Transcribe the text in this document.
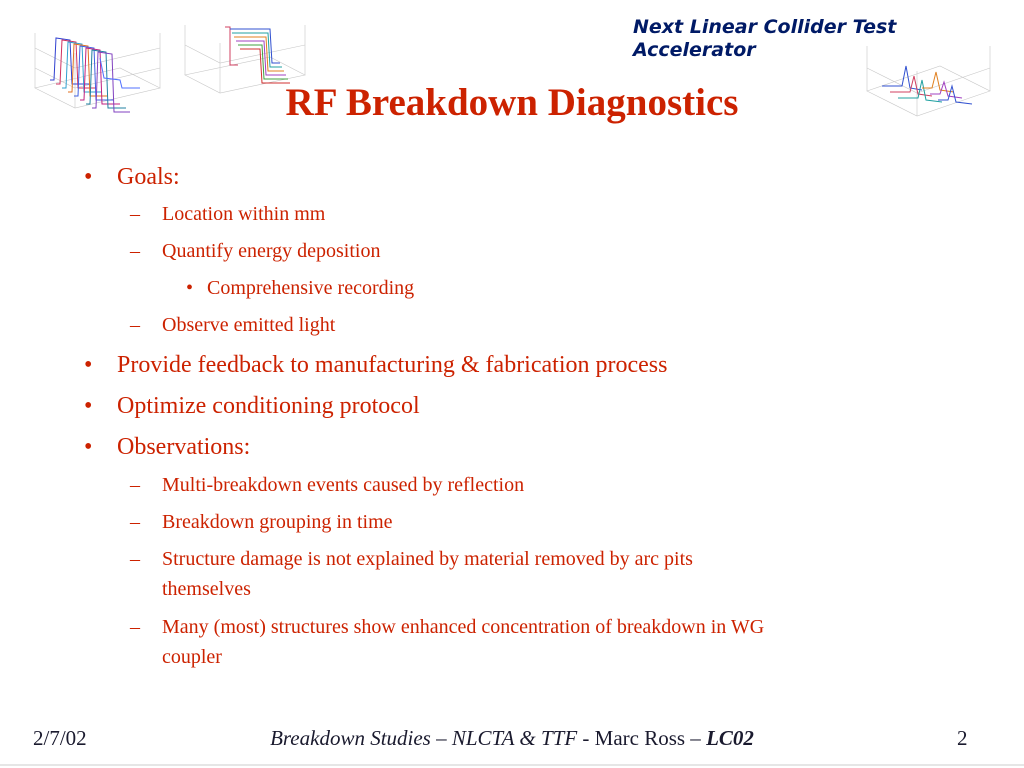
Next Linear Collider Test
Accelerator
RF Breakdown Diagnostics
• Goals:
– Location within mm
– Quantify energy deposition
• Comprehensive recording
– Observe emitted light
• Provide feedback to manufacturing & fabrication process
• Optimize conditioning protocol
• Observations:
– Multi-breakdown events caused by reflection
– Breakdown grouping in time
– Structure damage is not explained by material removed by arc pits
themselves
– Many (most) structures show enhanced concentration of breakdown in WG
coupler
2/7/02	Breakdown Studies – NLCTA & TTF - Marc Ross – LC02	2
